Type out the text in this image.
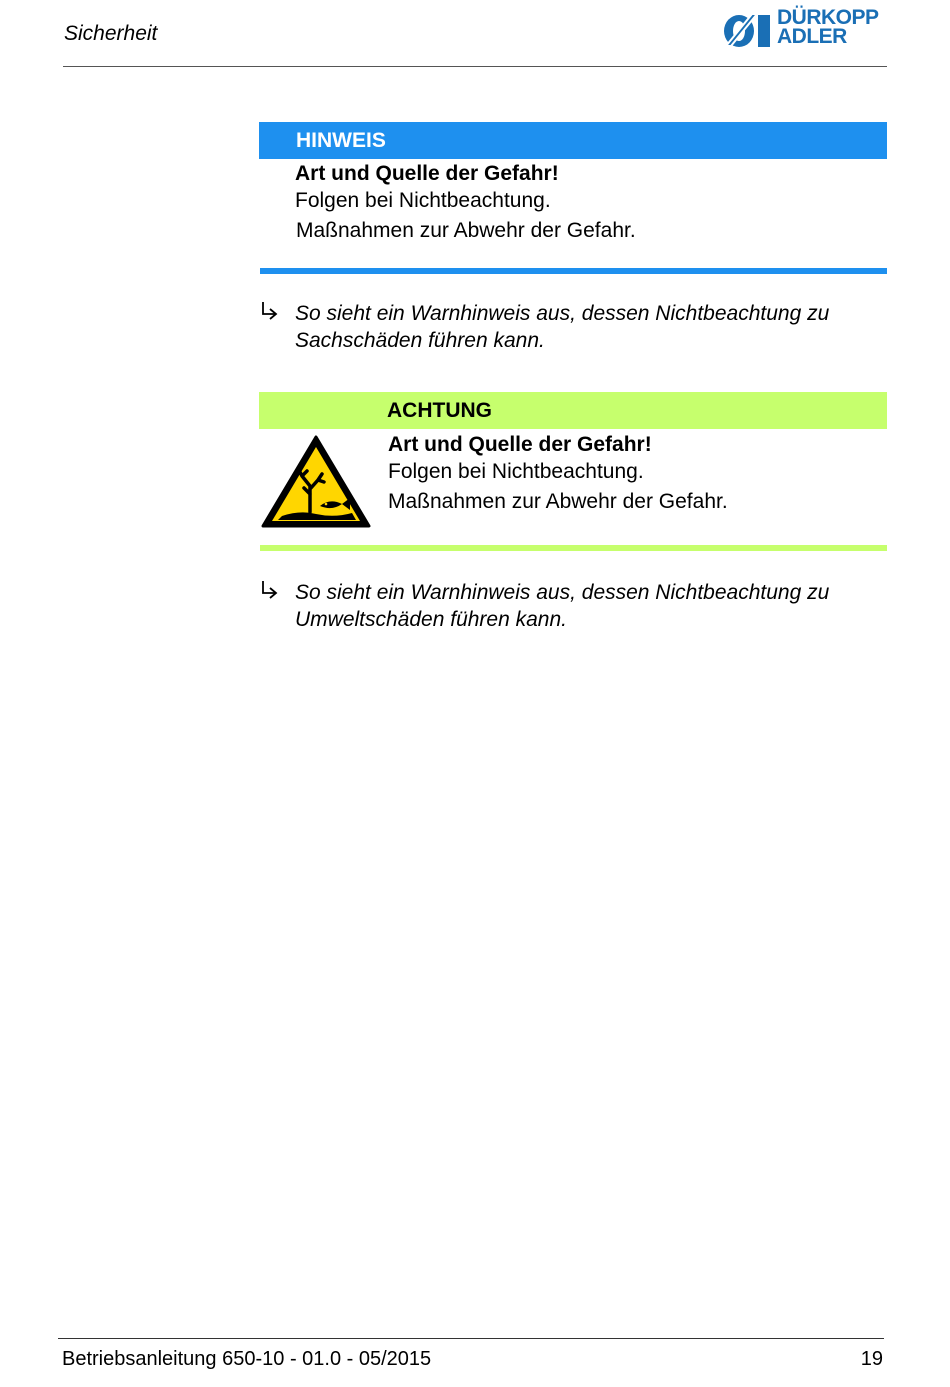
Sicherheit
DÜRKOPP
ADLER
HINWEIS
Art und Quelle der Gefahr!
Folgen bei Nichtbeachtung.
Maßnahmen zur Abwehr der Gefahr.
So sieht ein Warnhinweis aus, dessen Nichtbeachtung zu
Sachschäden führen kann.
ACHTUNG
Art und Quelle der Gefahr!
Folgen bei Nichtbeachtung.
Maßnahmen zur Abwehr der Gefahr.
So sieht ein Warnhinweis aus, dessen Nichtbeachtung zu
Umweltschäden führen kann.
Betriebsanleitung 650-10 - 01.0 - 05/2015	19
